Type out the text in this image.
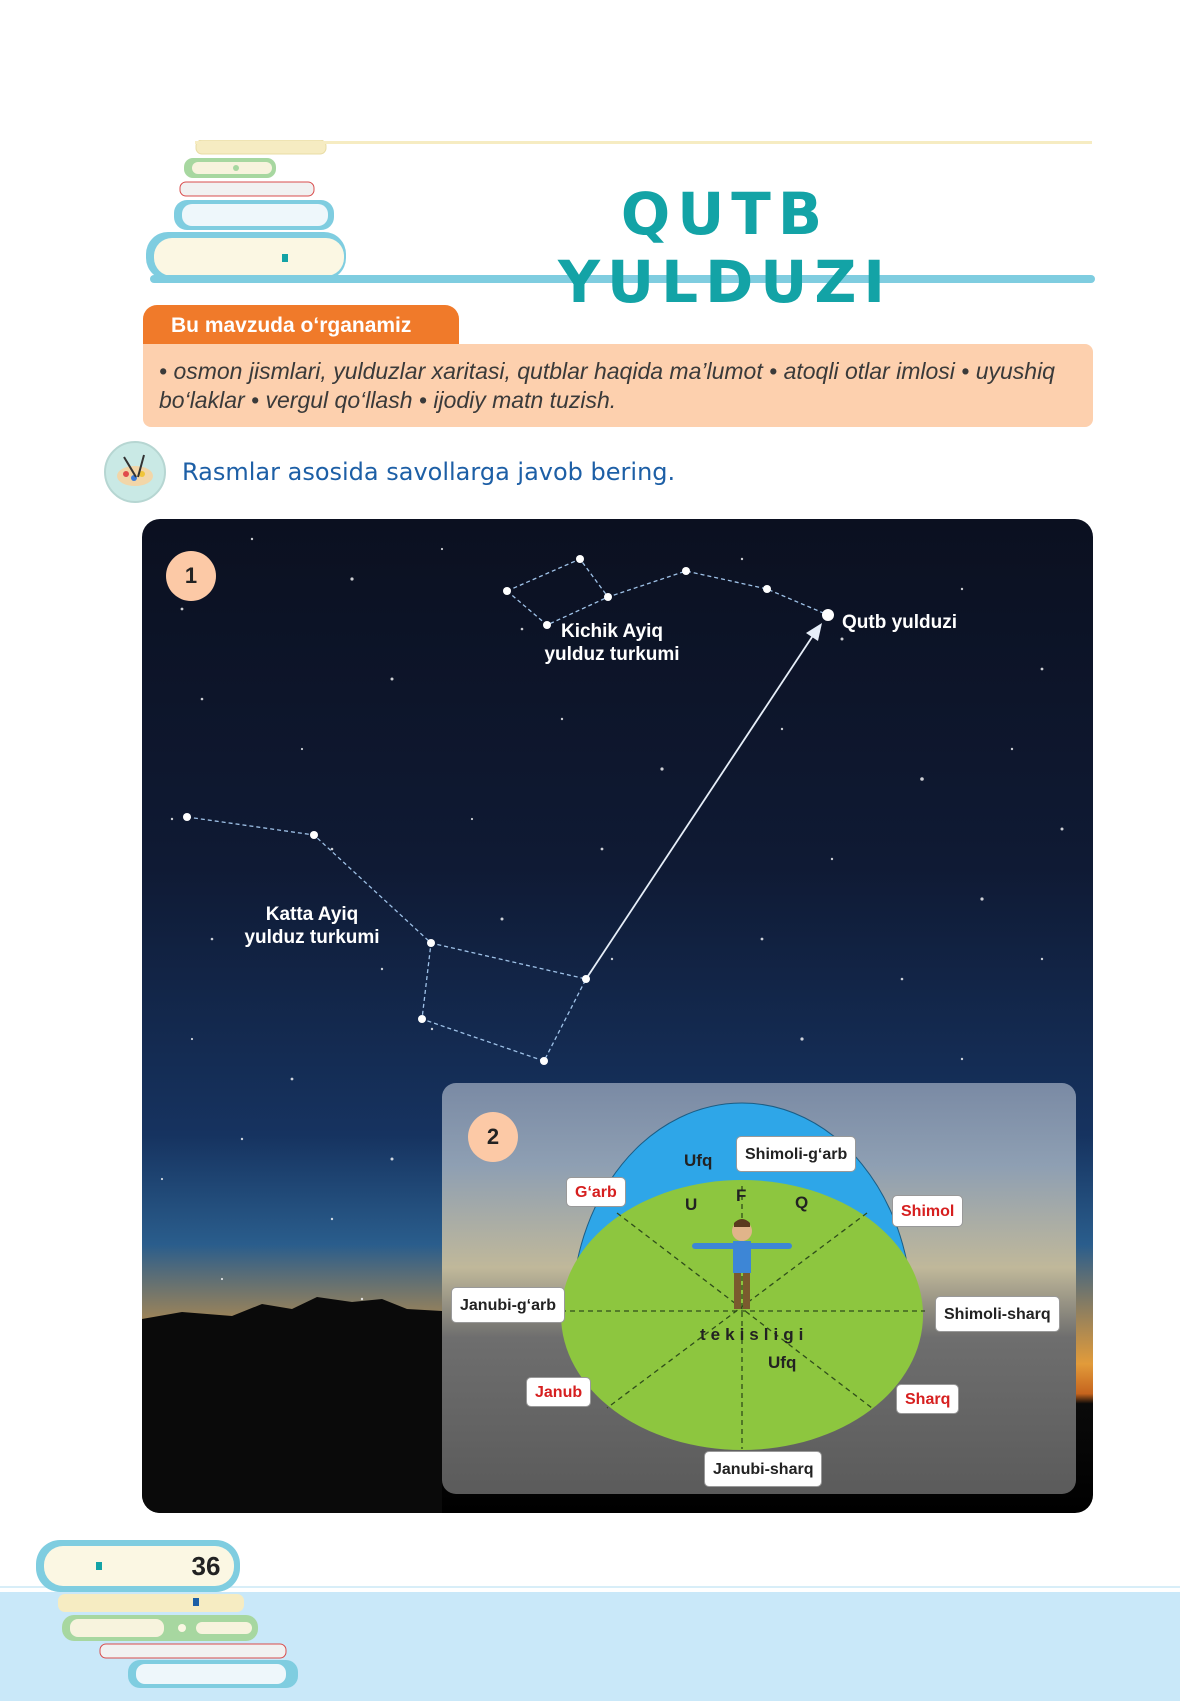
QUTB YULDUZI
Bu mavzuda o‘rganamiz
• osmon jismlari, yulduzlar xaritasi, qutblar haqida ma’lumot • atoqli otlar imlosi • uyushiq bo‘laklar • vergul qo‘llash • ijodiy matn tuzish.
Rasmlar asosida savollarga javob bering.
1
Kichik Ayiq
yulduz turkumi
Qutb yulduzi
Katta Ayiq
yulduz turkumi
2
Ufq
U F	Q
tekisligi
Ufq
Shimoli-g‘arb
G‘arb
Shimol
Janubi-g‘arb
Shimoli-sharq
Janub	Sharq
Janubi-sharq
36
